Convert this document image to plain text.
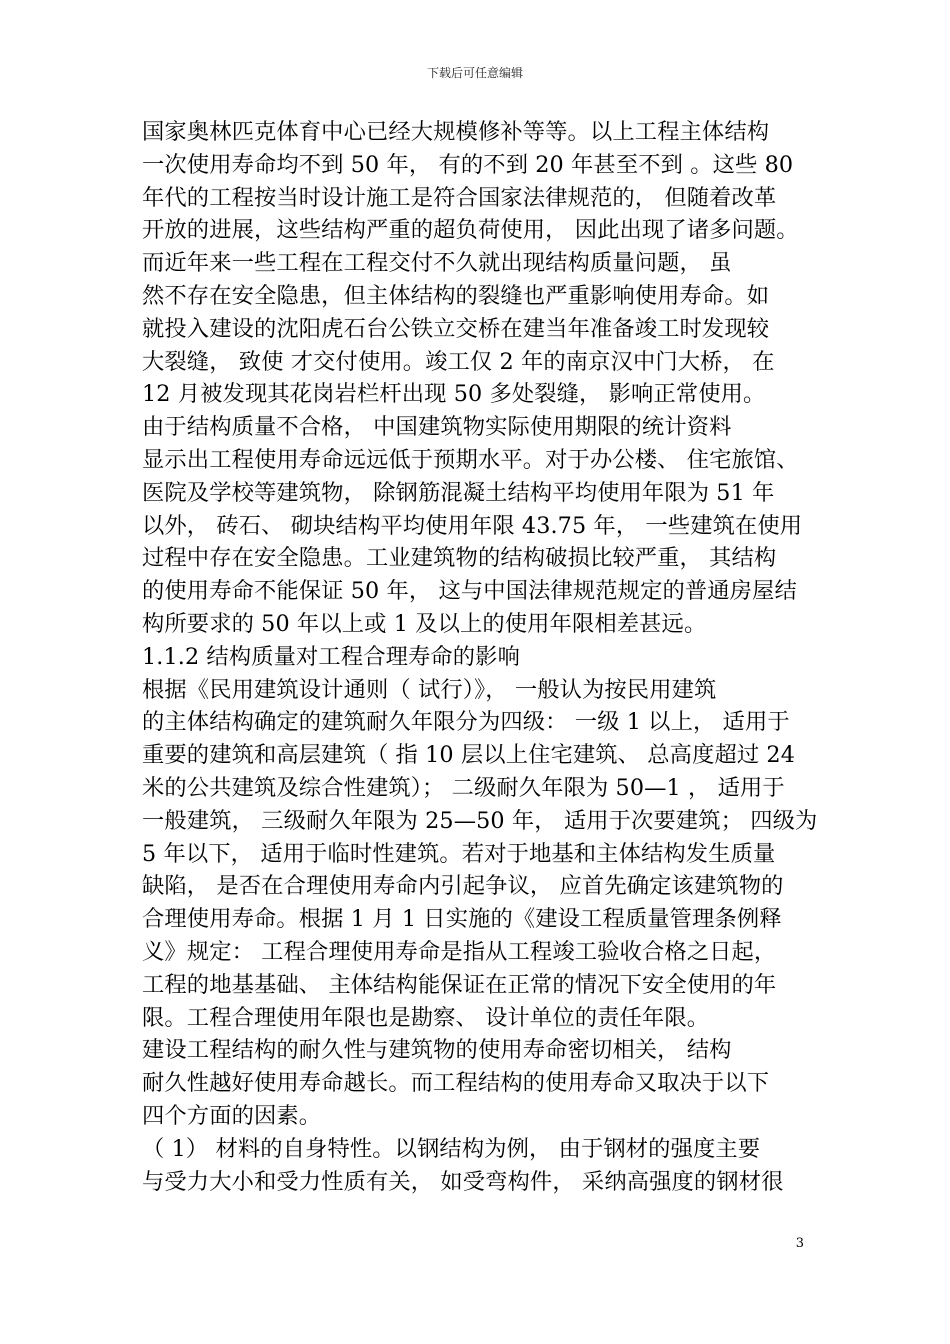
下载后可任意编辑
国家奥林匹克体育中心已经大规模修补等等。以上工程主体结构
一次使用寿命均不到 50 年， 有的不到 20 年甚至不到 。这些 80
年代的工程按当时设计施工是符合国家法律规范的， 但随着改革
开放的进展，这些结构严重的超负荷使用， 因此出现了诸多问题。
而近年来一些工程在工程交付不久就出现结构质量问题， 虽
然不存在安全隐患，但主体结构的裂缝也严重影响使用寿命。如
就投入建设的沈阳虎石台公铁立交桥在建当年准备竣工时发现较
大裂缝， 致使 才交付使用。竣工仅 2 年的南京汉中门大桥， 在
12 月被发现其花岗岩栏杆出现 50 多处裂缝， 影响正常使用。
由于结构质量不合格， 中国建筑物实际使用期限的统计资料
显示出工程使用寿命远远低于预期水平。对于办公楼、 住宅旅馆、
医院及学校等建筑物， 除钢筋混凝土结构平均使用年限为 51 年
以外， 砖石、 砌块结构平均使用年限 43.75 年， 一些建筑在使用
过程中存在安全隐患。工业建筑物的结构破损比较严重， 其结构
的使用寿命不能保证 50 年， 这与中国法律规范规定的普通房屋结
构所要求的 50 年以上或 1 及以上的使用年限相差甚远。
1.1.2 结构质量对工程合理寿命的影响
根据《民用建筑设计通则（ 试行）》， 一般认为按民用建筑
的主体结构确定的建筑耐久年限分为四级： 一级 1 以上， 适用于
重要的建筑和高层建筑（ 指 10 层以上住宅建筑、 总高度超过 24
米的公共建筑及综合性建筑）； 二级耐久年限为 50—1 ， 适用于
一般建筑， 三级耐久年限为 25—50 年， 适用于次要建筑； 四级为
5 年以下， 适用于临时性建筑。若对于地基和主体结构发生质量
缺陷， 是否在合理使用寿命内引起争议， 应首先确定该建筑物的
合理使用寿命。根据 1 月 1 日实施的《建设工程质量管理条例释
义》规定： 工程合理使用寿命是指从工程竣工验收合格之日起，
工程的地基基础、 主体结构能保证在正常的情况下安全使用的年
限。工程合理使用年限也是勘察、 设计单位的责任年限。
建设工程结构的耐久性与建筑物的使用寿命密切相关， 结构
耐久性越好使用寿命越长。而工程结构的使用寿命又取决于以下
四个方面的因素。
（ 1） 材料的自身特性。以钢结构为例， 由于钢材的强度主要
与受力大小和受力性质有关， 如受弯构件， 采纳高强度的钢材很
3
